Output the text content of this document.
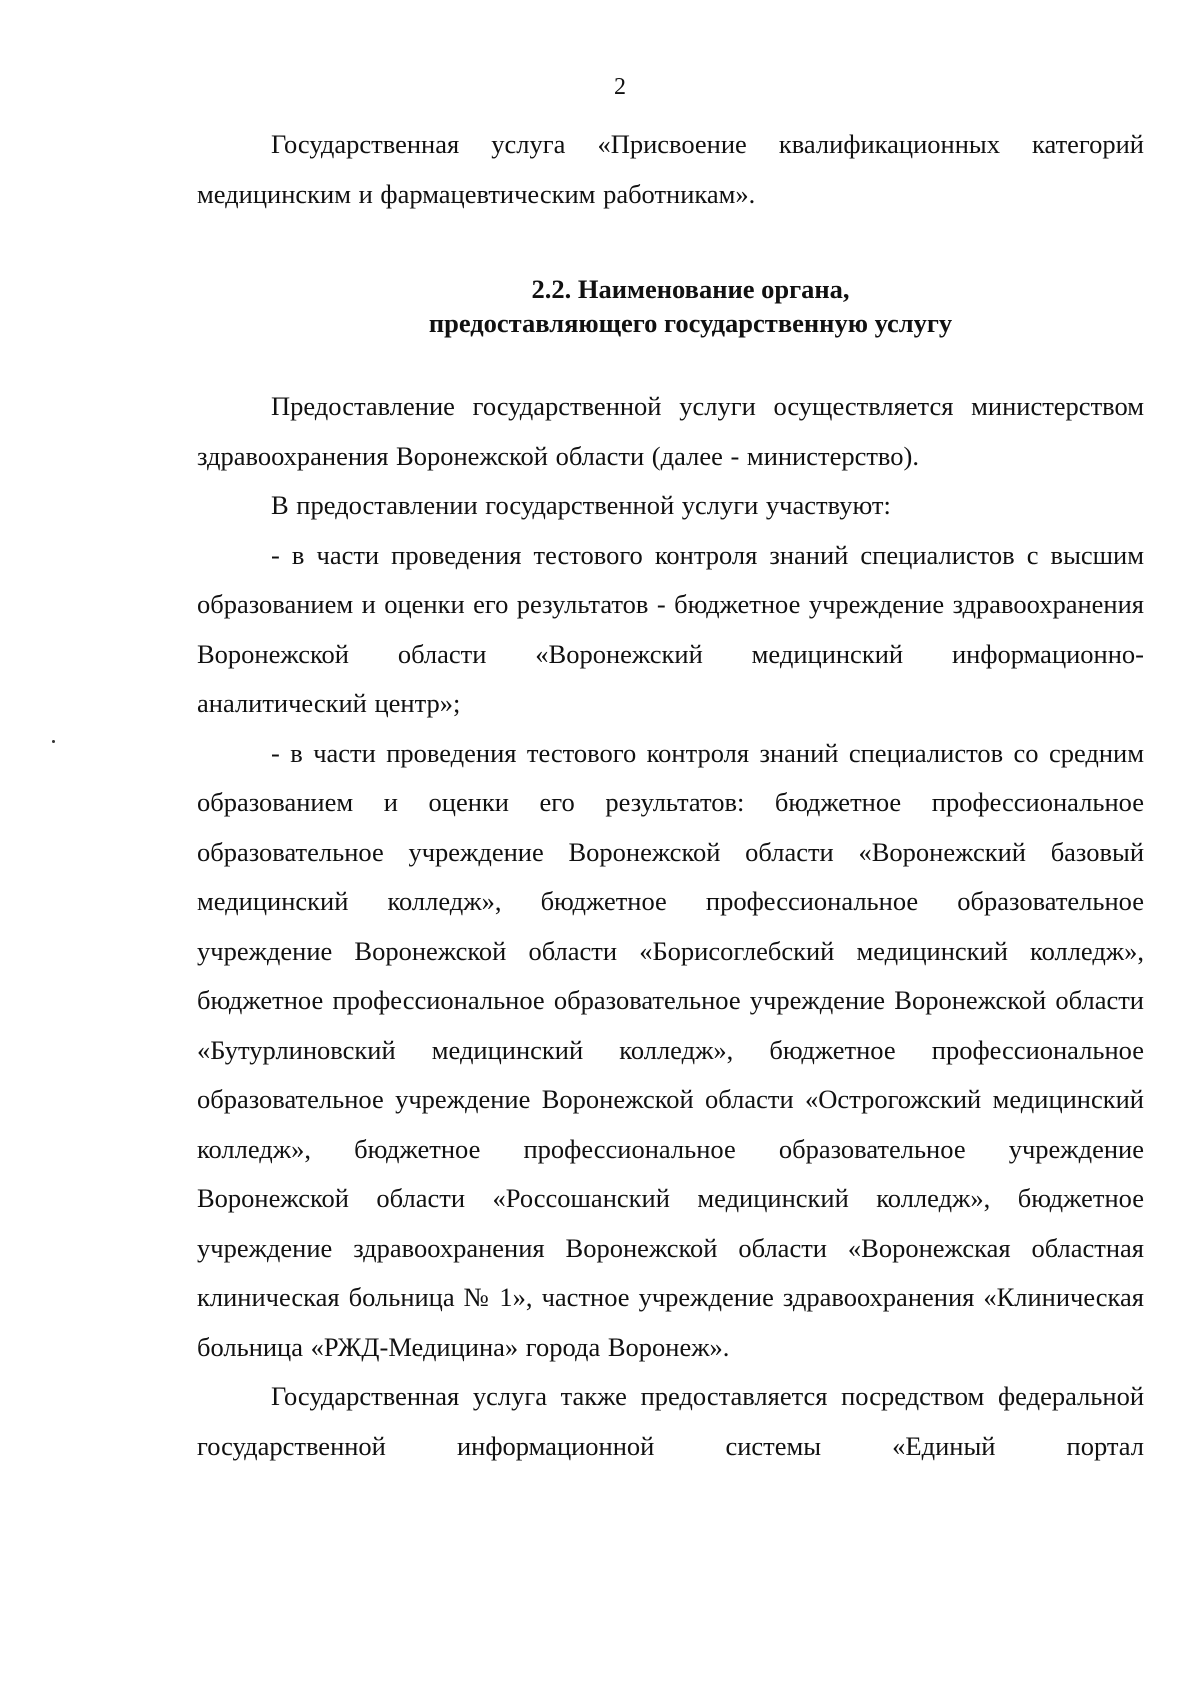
2

Государственная услуга «Присвоение квалификационных категорий медицинским и фармацевтическим работникам».

2.2. Наименование органа,
предоставляющего государственную услугу

Предоставление государственной услуги осуществляется министерством здравоохранения Воронежской области (далее - министерство).

В предоставлении государственной услуги участвуют:

- в части проведения тестового контроля знаний специалистов с высшим образованием и оценки его результатов - бюджетное учреждение здравоохранения Воронежской области «Воронежский медицинский информационно-аналитический центр»;

- в части проведения тестового контроля знаний специалистов со средним образованием и оценки его результатов: бюджетное профессиональное образовательное учреждение Воронежской области «Воронежский базовый медицинский колледж», бюджетное профессиональное образовательное учреждение Воронежской области «Борисоглебский медицинский колледж», бюджетное профессиональное образовательное учреждение Воронежской области «Бутурлиновский медицинский колледж», бюджетное профессиональное образовательное учреждение Воронежской области «Острогожский медицинский колледж», бюджетное профессиональное образовательное учреждение Воронежской области «Россошанский медицинский колледж», бюджетное учреждение здравоохранения Воронежской области «Воронежская областная клиническая больница № 1», частное учреждение здравоохранения «Клиническая больница «РЖД-Медицина» города Воронеж».

Государственная услуга также предоставляется посредством федеральной государственной информационной системы «Единый портал
